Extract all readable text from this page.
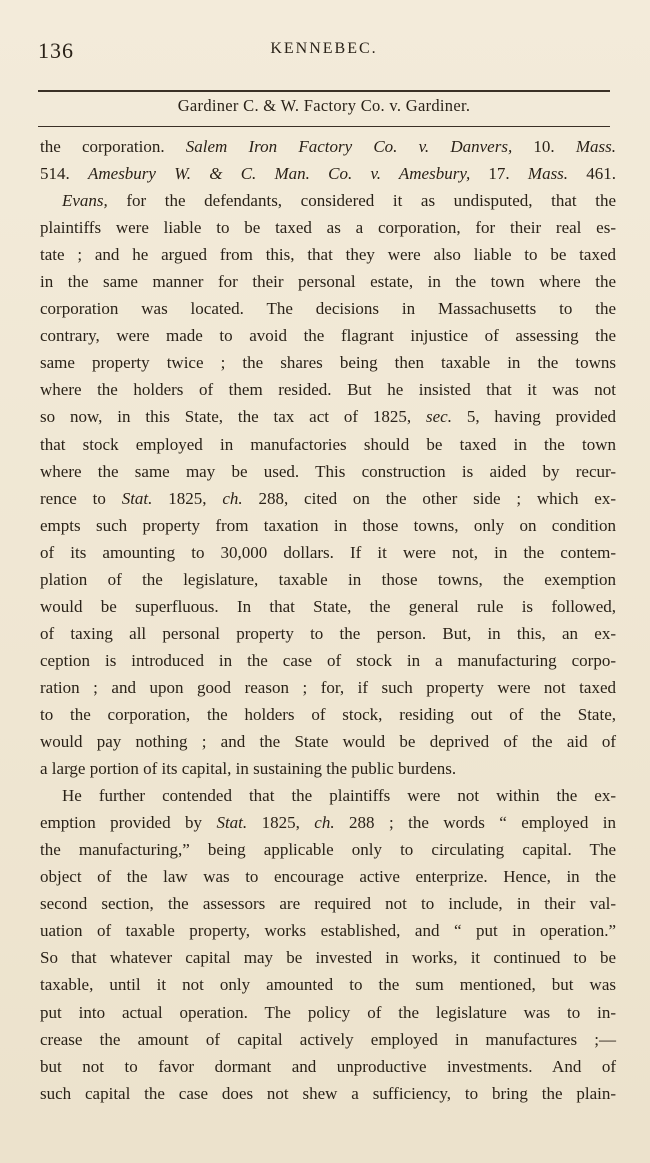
136	KENNEBEC.
Gardiner C. & W. Factory Co. v. Gardiner.
the corporation. Salem Iron Factory Co. v. Danvers, 10. Mass.
514. Amesbury W. & C. Man. Co. v. Amesbury, 17. Mass. 461.
Evans, for the defendants, considered it as undisputed, that the
plaintiffs were liable to be taxed as a corporation, for their real es-
tate ; and he argued from this, that they were also liable to be taxed
in the same manner for their personal estate, in the town where the
corporation was located. The decisions in Massachusetts to the
contrary, were made to avoid the flagrant injustice of assessing the
same property twice ; the shares being then taxable in the towns
where the holders of them resided. But he insisted that it was not
so now, in this State, the tax act of 1825, sec. 5, having provided
that stock employed in manufactories should be taxed in the town
where the same may be used. This construction is aided by recur-
rence to Stat. 1825, ch. 288, cited on the other side ; which ex-
empts such property from taxation in those towns, only on condition
of its amounting to 30,000 dollars. If it were not, in the contem-
plation of the legislature, taxable in those towns, the exemption
would be superfluous. In that State, the general rule is followed,
of taxing all personal property to the person. But, in this, an ex-
ception is introduced in the case of stock in a manufacturing corpo-
ration ; and upon good reason ; for, if such property were not taxed
to the corporation, the holders of stock, residing out of the State,
would pay nothing ; and the State would be deprived of the aid of
a large portion of its capital, in sustaining the public burdens.
He further contended that the plaintiffs were not within the ex-
emption provided by Stat. 1825, ch. 288 ; the words “ employed in
the manufacturing,” being applicable only to circulating capital. The
object of the law was to encourage active enterprize. Hence, in the
second section, the assessors are required not to include, in their val-
uation of taxable property, works established, and “ put in operation.”
So that whatever capital may be invested in works, it continued to be
taxable, until it not only amounted to the sum mentioned, but was
put into actual operation. The policy of the legislature was to in-
crease the amount of capital actively employed in manufactures ;—
but not to favor dormant and unproductive investments. And of
such capital the case does not shew a sufficiency, to bring the plain-
